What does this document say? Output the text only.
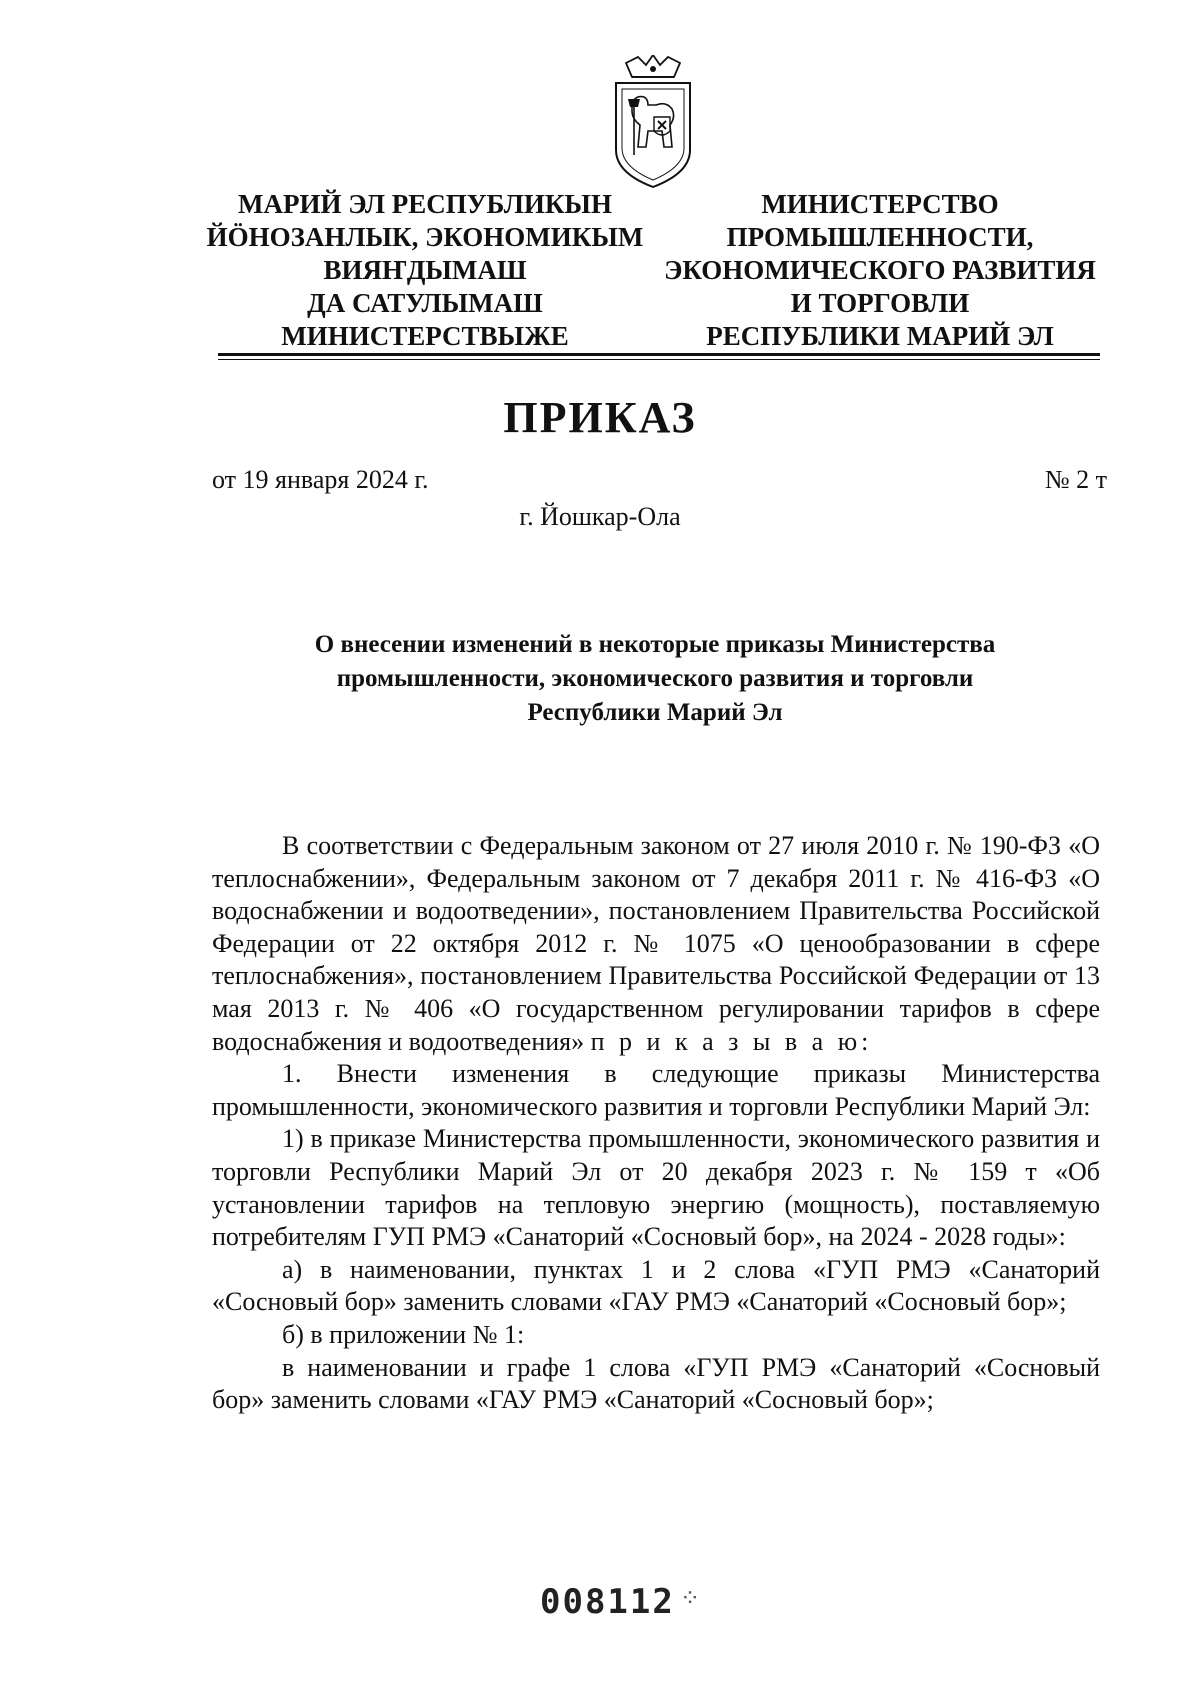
МАРИЙ ЭЛ РЕСПУБЛИКЫН
ЙӦНОЗАНЛЫК, ЭКОНОМИКЫМ
ВИЯҤДЫМАШ
ДА САТУЛЫМАШ
МИНИСТЕРСТВЫЖЕ
МИНИСТЕРСТВО
ПРОМЫШЛЕННОСТИ,
ЭКОНОМИЧЕСКОГО РАЗВИТИЯ
И ТОРГОВЛИ
РЕСПУБЛИКИ МАРИЙ ЭЛ
ПРИКАЗ
от 19 января 2024 г.	№ 2 т
г. Йошкар-Ола
О внесении изменений в некоторые приказы Министерства
промышленности, экономического развития и торговли
Республики Марий Эл

В соответствии с Федеральным законом от 27 июля 2010 г. № 190-ФЗ «О теплоснабжении», Федеральным законом от 7 декабря 2011 г. № 416-ФЗ «О водоснабжении и водоотведении», постановлением Правительства Российской Федерации от 22 октября 2012 г. № 1075 «О ценообразовании в сфере теплоснабжения», постановлением Правительства Российской Федерации от 13 мая 2013 г. № 406 «О государственном регулировании тарифов в сфере водоснабжения и водоотведения» п р и к а з ы в а ю:

1. Внести изменения в следующие приказы Министерства промышленности, экономического развития и торговли Республики Марий Эл:

1) в приказе Министерства промышленности, экономического развития и торговли Республики Марий Эл от 20 декабря 2023 г. № 159 т «Об установлении тарифов на тепловую энергию (мощность), поставляемую потребителям ГУП РМЭ «Санаторий «Сосновый бор», на 2024 - 2028 годы»:

а) в наименовании, пунктах 1 и 2 слова «ГУП РМЭ «Санаторий «Сосновый бор» заменить словами «ГАУ РМЭ «Санаторий «Сосновый бор»;

б) в приложении № 1:

в наименовании и графе 1 слова «ГУП РМЭ «Санаторий «Сосновый бор» заменить словами «ГАУ РМЭ «Санаторий «Сосновый бор»;

008112 ⁘
